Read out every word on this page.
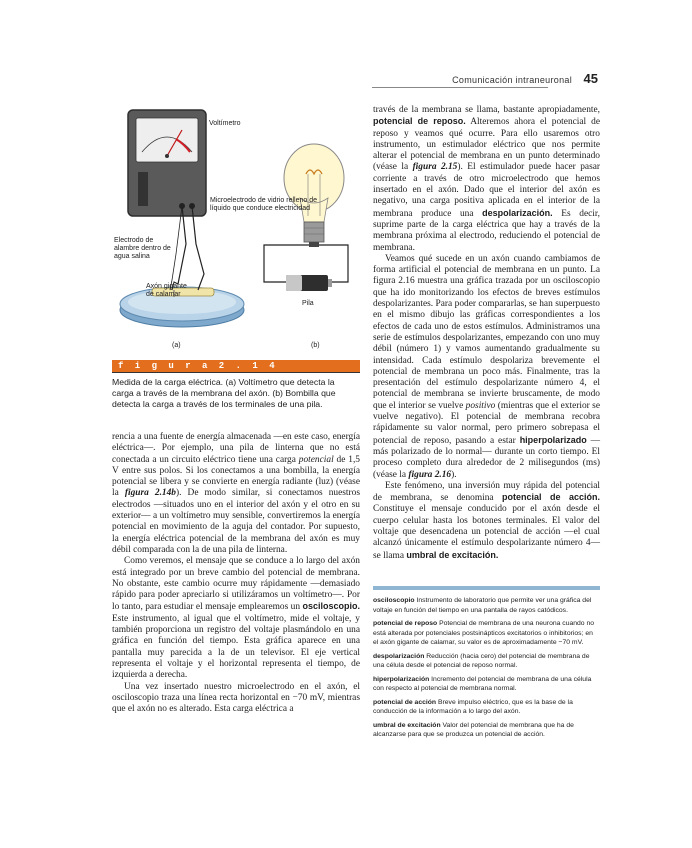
Comunicación intraneuronal 45
Voltímetro
Microelectrodo de vidrio relleno de líquido que conduce electricidad
Electrodo de alambre dentro de agua salina
Axón gigante de calamar
Pila
(a)	(b)
f i g u r a 2 . 1 4
Medida de la carga eléctrica. (a) Voltímetro que detecta la carga a través de la membrana del axón. (b) Bombilla que detecta la carga a través de los terminales de una pila.

rencia a una fuente de energía almacenada —en este caso, energía eléctrica—. Por ejemplo, una pila de linterna que no está conectada a un circuito eléctrico tiene una carga potencial de 1,5 V entre sus polos. Si los conectamos a una bombilla, la energía potencial se libera y se convierte en energía radiante (luz) (véase la figura 2.14b). De modo similar, si conectamos nuestros electrodos —situados uno en el interior del axón y el otro en su exterior— a un voltímetro muy sensible, convertiremos la energía potencial en movimiento de la aguja del contador. Por supuesto, la energía eléctrica potencial de la membrana del axón es muy débil comparada con la de una pila de linterna.

Como veremos, el mensaje que se conduce a lo largo del axón está integrado por un breve cambio del potencial de membrana. No obstante, este cambio ocurre muy rápidamente —demasiado rápido para poder apreciarlo si utilizáramos un voltímetro—. Por lo tanto, para estudiar el mensaje emplearemos un osciloscopio. Este instrumento, al igual que el voltímetro, mide el voltaje, y también proporciona un registro del voltaje plasmándolo en una gráfica en función del tiempo. Esta gráfica aparece en una pantalla muy parecida a la de un televisor. El eje vertical representa el voltaje y el horizontal representa el tiempo, de izquierda a derecha.

Una vez insertado nuestro microelectrodo en el axón, el osciloscopio traza una línea recta horizontal en −70 mV, mientras que el axón no es alterado. Esta carga eléctrica a

través de la membrana se llama, bastante apropiadamente, potencial de reposo. Alteremos ahora el potencial de reposo y veamos qué ocurre. Para ello usaremos otro instrumento, un estimulador eléctrico que nos permite alterar el potencial de membrana en un punto determinado (véase la figura 2.15). El estimulador puede hacer pasar corriente a través de otro microelectrodo que hemos insertado en el axón. Dado que el interior del axón es negativo, una carga positiva aplicada en el interior de la membrana produce una despolarización. Es decir, suprime parte de la carga eléctrica que hay a través de la membrana próxima al electrodo, reduciendo el potencial de membrana.

Veamos qué sucede en un axón cuando cambiamos de forma artificial el potencial de membrana en un punto. La figura 2.16 muestra una gráfica trazada por un osciloscopio que ha ido monitorizando los efectos de breves estímulos despolarizantes. Para poder compararlas, se han superpuesto en el mismo dibujo las gráficas correspondientes a los efectos de cada uno de estos estímulos. Administramos una serie de estímulos despolarizantes, empezando con uno muy débil (número 1) y vamos aumentando gradualmente su intensidad. Cada estímulo despolariza brevemente el potencial de membrana un poco más. Finalmente, tras la presentación del estímulo despolarizante número 4, el potencial de membrana se invierte bruscamente, de modo que el interior se vuelve positivo (mientras que el exterior se vuelve negativo). El potencial de membrana recobra rápidamente su valor normal, pero primero sobrepasa el potencial de reposo, pasando a estar hiperpolarizado —más polarizado de lo normal— durante un corto tiempo. El proceso completo dura alrededor de 2 milisegundos (ms) (véase la figura 2.16).

Este fenómeno, una inversión muy rápida del potencial de membrana, se denomina potencial de acción. Constituye el mensaje conducido por el axón desde el cuerpo celular hasta los botones terminales. El valor del voltaje que desencadena un potencial de acción —el cual alcanzó únicamente el estímulo despolarizante número 4— se llama umbral de excitación.

osciloscopio Instrumento de laboratorio que permite ver una gráfica del voltaje en función del tiempo en una pantalla de rayos catódicos.
potencial de reposo Potencial de membrana de una neurona cuando no está alterada por potenciales postsinápticos excitatorios o inhibitorios; en el axón gigante de calamar, su valor es de aproximadamente −70 mV.
despolarización Reducción (hacia cero) del potencial de membrana de una célula desde el potencial de reposo normal.
hiperpolarización Incremento del potencial de membrana de una célula con respecto al potencial de membrana normal.
potencial de acción Breve impulso eléctrico, que es la base de la conducción de la información a lo largo del axón.
umbral de excitación Valor del potencial de membrana que ha de alcanzarse para que se produzca un potencial de acción.
